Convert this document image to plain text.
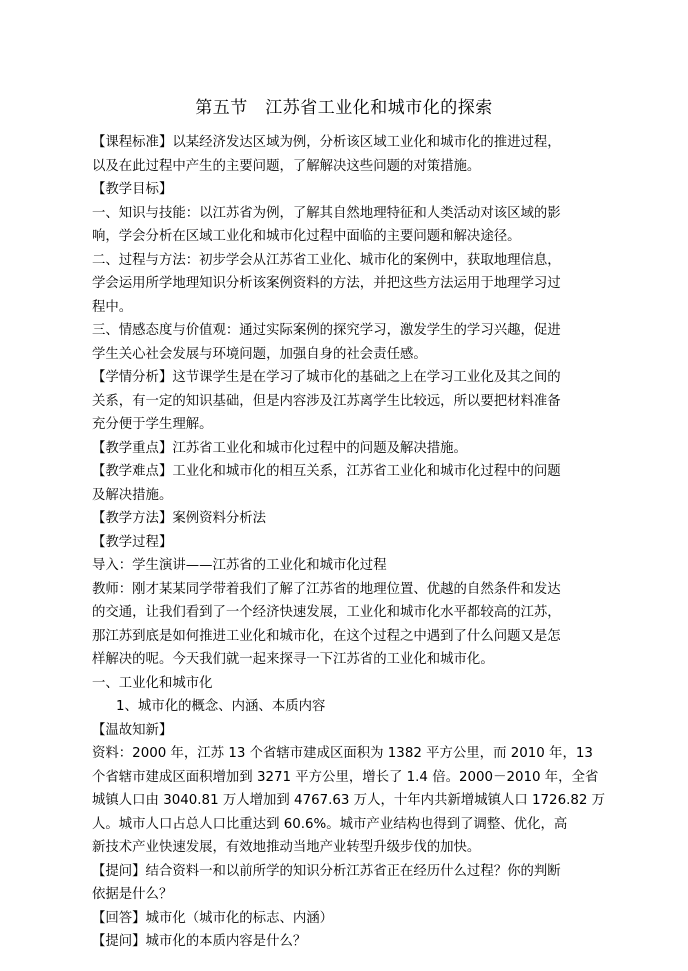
第五节　江苏省工业化和城市化的探索

【课程标准】以某经济发达区域为例，分析该区域工业化和城市化的推进过程，

以及在此过程中产生的主要问题，了解解决这些问题的对策措施。

【教学目标】

一、知识与技能：以江苏省为例，了解其自然地理特征和人类活动对该区域的影

响，学会分析在区域工业化和城市化过程中面临的主要问题和解决途径。

二、过程与方法：初步学会从江苏省工业化、城市化的案例中，获取地理信息，

学会运用所学地理知识分析该案例资料的方法，并把这些方法运用于地理学习过

程中。

三、情感态度与价值观：通过实际案例的探究学习，激发学生的学习兴趣，促进

学生关心社会发展与环境问题，加强自身的社会责任感。

【学情分析】这节课学生是在学习了城市化的基础之上在学习工业化及其之间的

关系，有一定的知识基础，但是内容涉及江苏离学生比较远，所以要把材料准备

充分便于学生理解。

【教学重点】江苏省工业化和城市化过程中的问题及解决措施。

【教学难点】工业化和城市化的相互关系，江苏省工业化和城市化过程中的问题

及解决措施。

【教学方法】案例资料分析法

【教学过程】

导入：学生演讲——江苏省的工业化和城市化过程

教师：刚才某某同学带着我们了解了江苏省的地理位置、优越的自然条件和发达

的交通，让我们看到了一个经济快速发展，工业化和城市化水平都较高的江苏，

那江苏到底是如何推进工业化和城市化，在这个过程之中遇到了什么问题又是怎

样解决的呢。今天我们就一起来探寻一下江苏省的工业化和城市化。

一、工业化和城市化

1、城市化的概念、内涵、本质内容

【温故知新】

资料：2000 年，江苏 13 个省辖市建成区面积为 1382 平方公里，而 2010 年，13

个省辖市建成区面积增加到 3271 平方公里，增长了 1.4 倍。2000－2010 年，全省

城镇人口由 3040.81 万人增加到 4767.63 万人，十年内共新增城镇人口 1726.82 万

人。城市人口占总人口比重达到 60.6%。城市产业结构也得到了调整、优化，高

新技术产业快速发展，有效地推动当地产业转型升级步伐的加快。

【提问】结合资料一和以前所学的知识分析江苏省正在经历什么过程？你的判断

依据是什么？

【回答】城市化（城市化的标志、内涵）

【提问】城市化的本质内容是什么？
